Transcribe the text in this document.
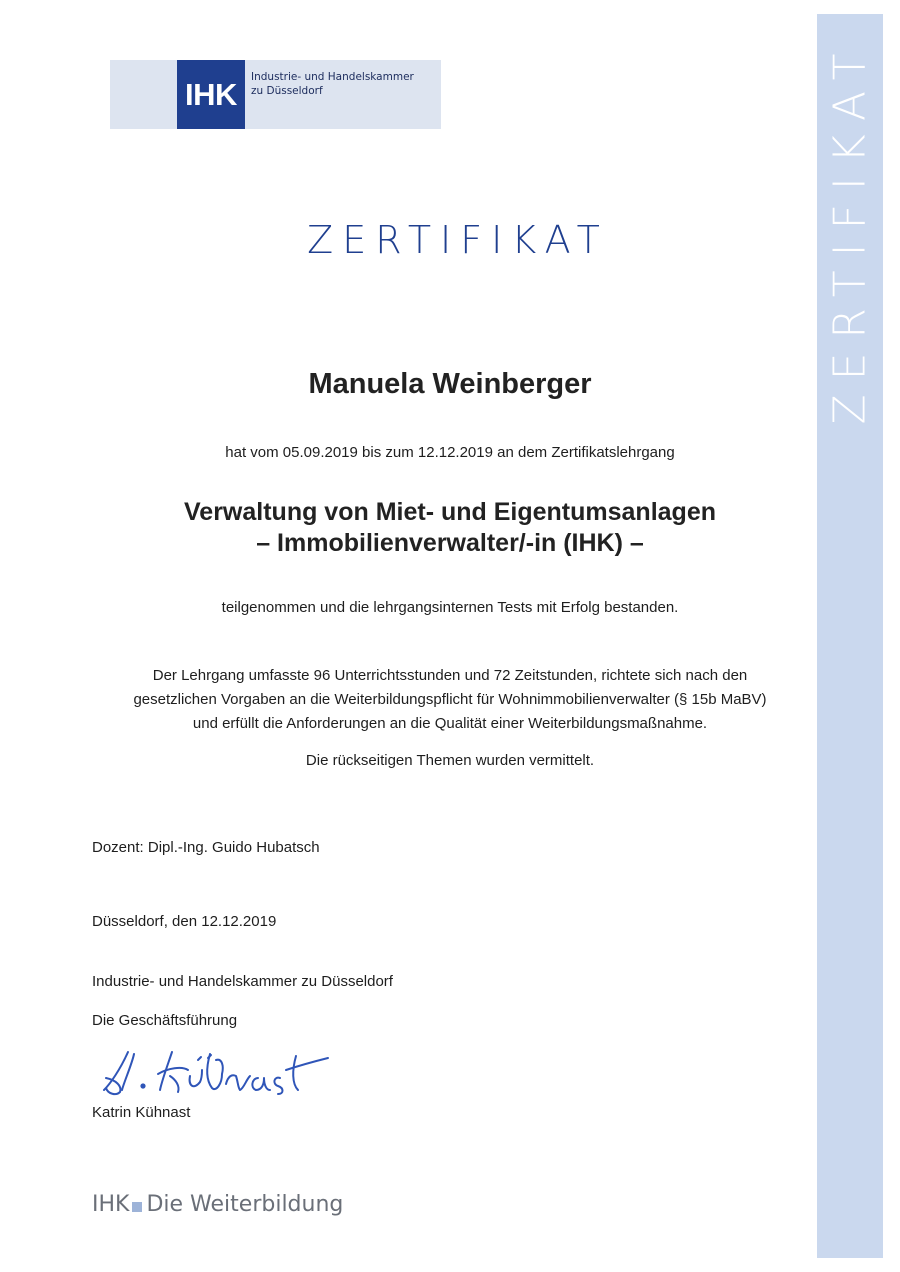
ZERTIFIKAT
IHK	Industrie- und Handelskammer
zu Düsseldorf
ZERTIFIKAT
Manuela Weinberger
hat vom 05.09.2019 bis zum 12.12.2019 an dem Zertifikatslehrgang
Verwaltung von Miet- und Eigentumsanlagen
– Immobilienverwalter/-in (IHK) –
teilgenommen und die lehrgangsinternen Tests mit Erfolg bestanden.
Der Lehrgang umfasste 96 Unterrichtsstunden und 72 Zeitstunden, richtete sich nach den
gesetzlichen Vorgaben an die Weiterbildungspflicht für Wohnimmobilienverwalter (§ 15b MaBV)
und erfüllt die Anforderungen an die Qualität einer Weiterbildungsmaßnahme.
Die rückseitigen Themen wurden vermittelt.
Dozent: Dipl.-Ing. Guido Hubatsch
Düsseldorf, den 12.12.2019
Industrie- und Handelskammer zu Düsseldorf
Die Geschäftsführung
Katrin Kühnast
IHK Die Weiterbildung
